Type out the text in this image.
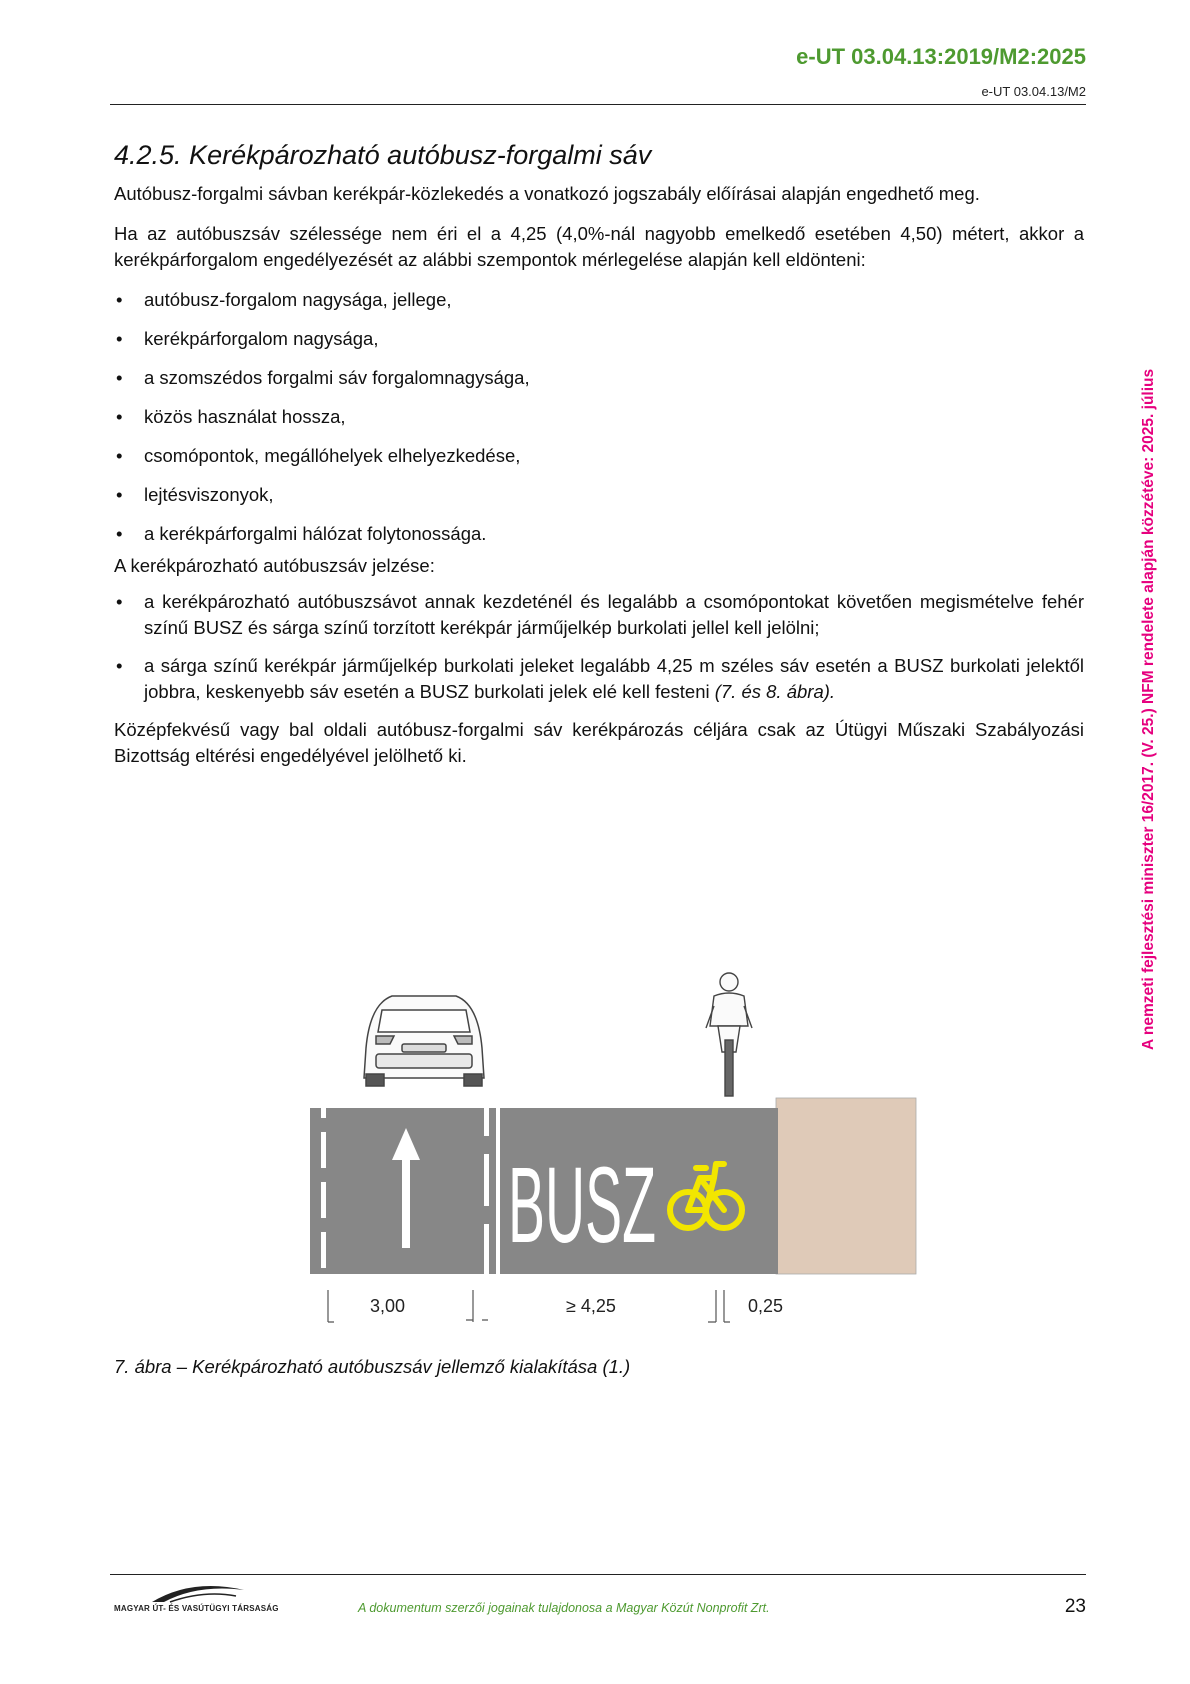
e-UT 03.04.13:2019/M2:2025
e-UT 03.04.13/M2
A nemzeti fejlesztési miniszter 16/2017. (V. 25.) NFM rendelete alapján közzétéve: 2025. július
4.2.5. Kerékpározható autóbusz-forgalmi sáv

Autóbusz-forgalmi sávban kerékpár-közlekedés a vonatkozó jogszabály előírásai alapján engedhető meg.

Ha az autóbuszsáv szélessége nem éri el a 4,25 (4,0%-nál nagyobb emelkedő esetében 4,50) métert, akkor a kerékpárforgalom engedélyezését az alábbi szempontok mérlegelése alapján kell eldönteni:

• autóbusz-forgalom nagysága, jellege,
• kerékpárforgalom nagysága,
• a szomszédos forgalmi sáv forgalomnagysága,
• közös használat hossza,
• csomópontok, megállóhelyek elhelyezkedése,
• lejtésviszonyok,
• a kerékpárforgalmi hálózat folytonossága.

A kerékpározható autóbuszsáv jelzése:

• a kerékpározható autóbuszsávot annak kezdeténél és legalább a csomópontokat követően megismételve fehér színű BUSZ és sárga színű torzított kerékpár járműjelkép burkolati jellel kell jelölni;
• a sárga színű kerékpár járműjelkép burkolati jeleket legalább 4,25 m széles sáv esetén a BUSZ burkolati jelektől jobbra, keskenyebb sáv esetén a BUSZ burkolati jelek elé kell festeni (7. és 8. ábra).

Középfekvésű vagy bal oldali autóbusz-forgalmi sáv kerékpározás céljára csak az Útügyi Műszaki Szabályozási Bizottság eltérési engedélyével jelölhető ki.

BUSZ
3,00	≥ 4,25	0,25
7. ábra – Kerékpározható autóbuszsáv jellemző kialakítása (1.)
MAGYAR ÚT- ÉS VASÚTÜGYI TÁRSASÁG	A dokumentum szerzői jogainak tulajdonosa a Magyar Közút Nonprofit Zrt.	23
